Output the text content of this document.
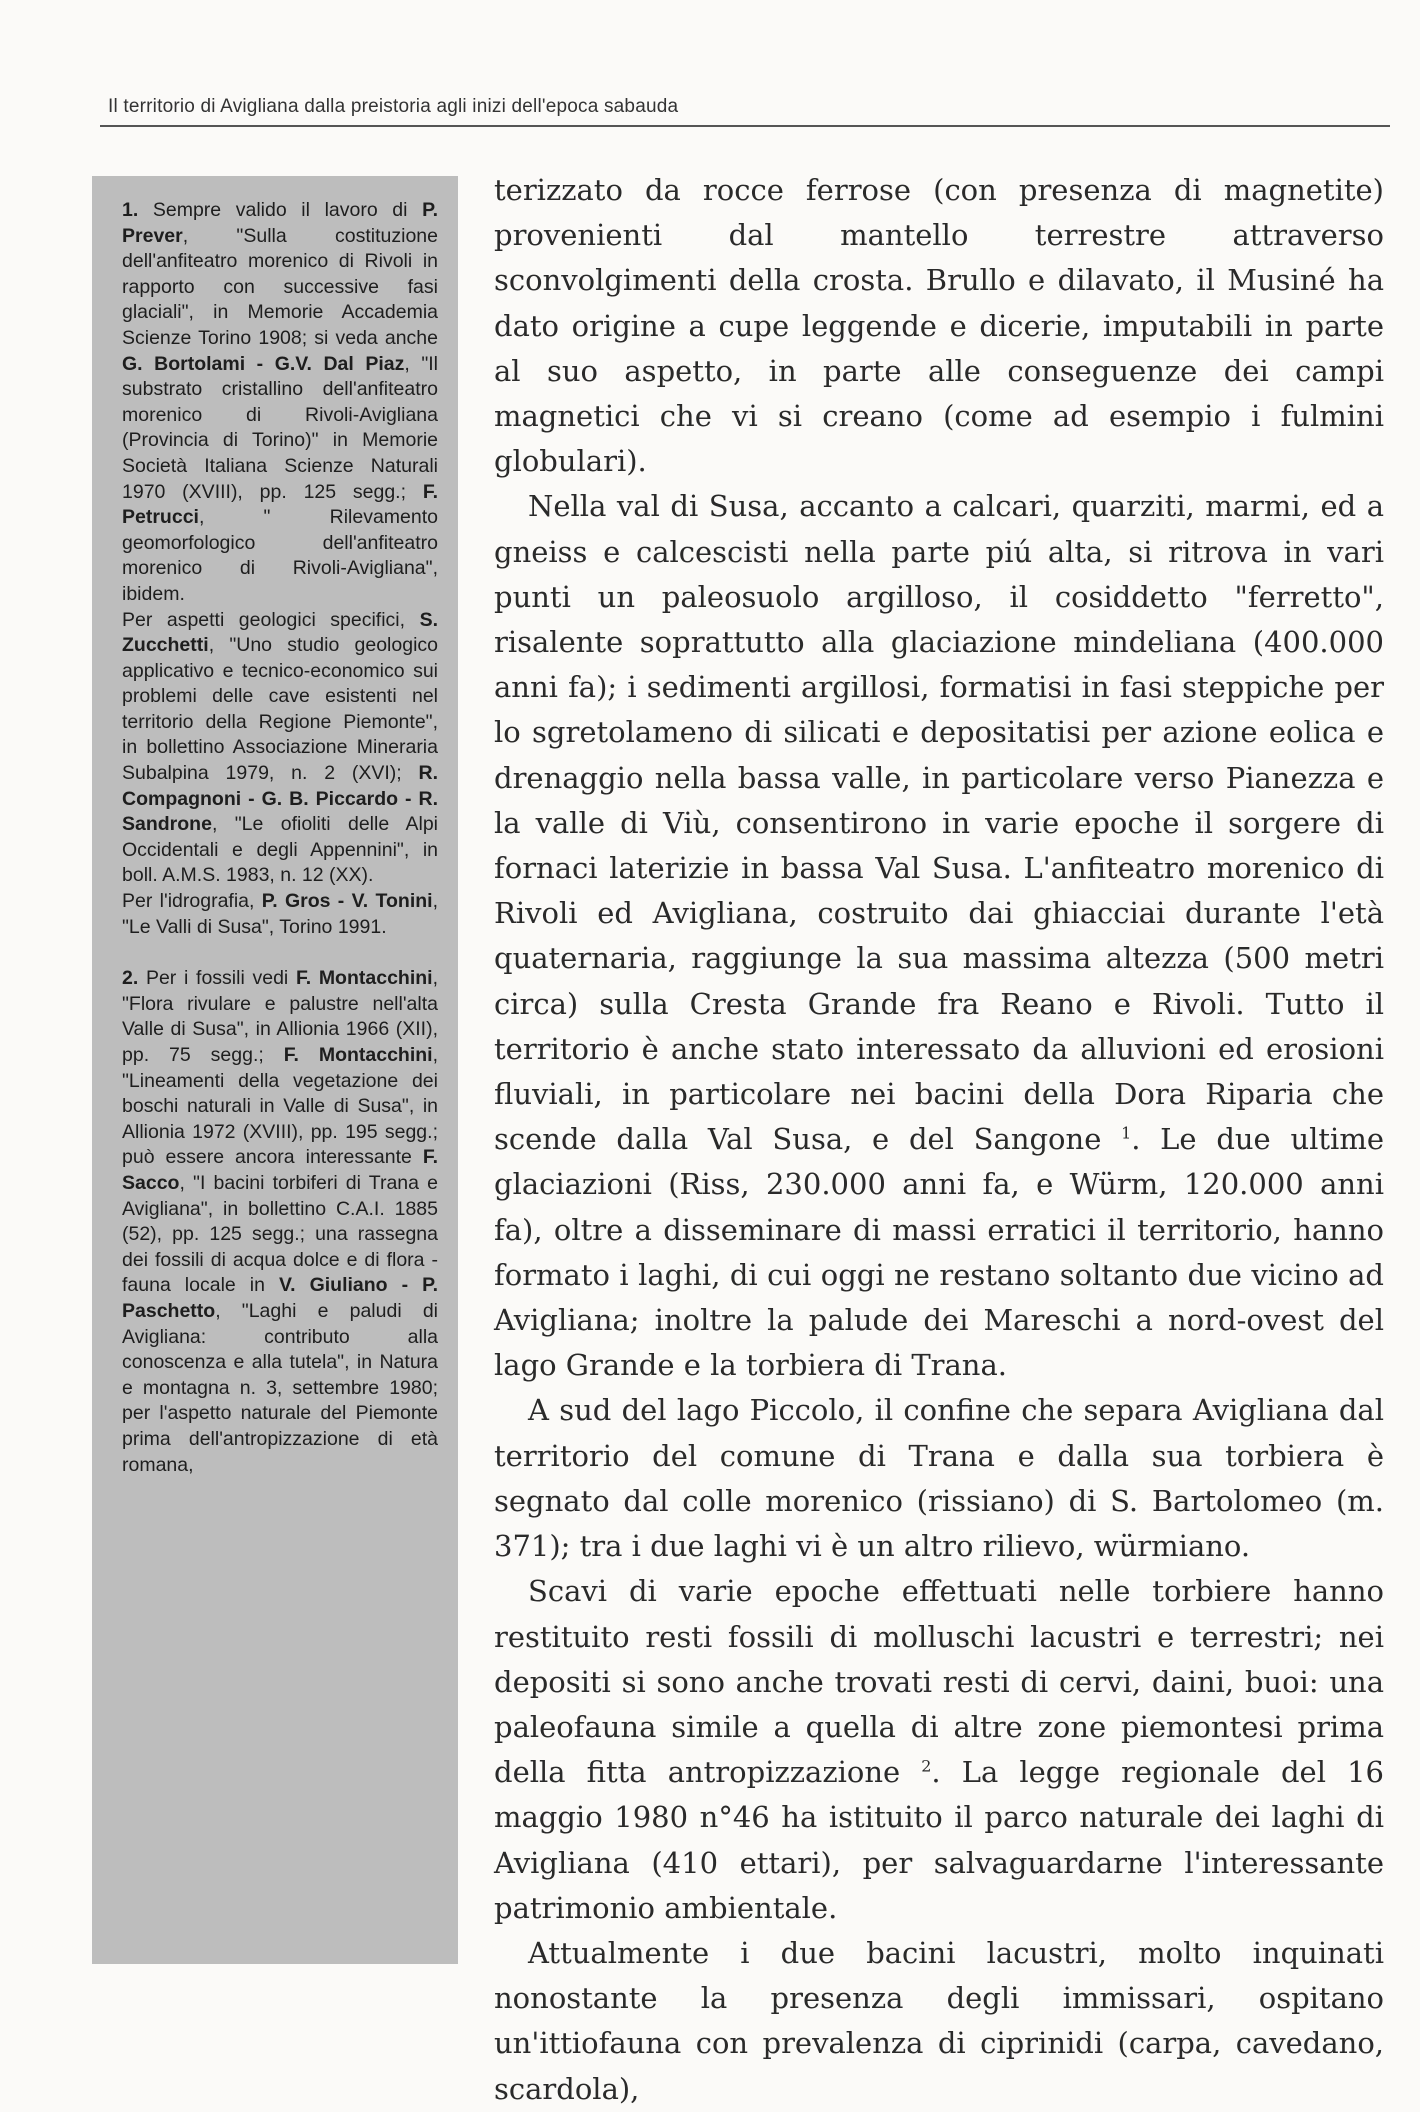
Il territorio di Avigliana dalla preistoria agli inizi dell'epoca sabauda

1. Sempre valido il lavoro di P. Prever, "Sulla costituzione dell'anfiteatro morenico di Rivoli in rapporto con successive fasi glaciali", in Memorie Accademia Scienze Torino 1908; si veda anche G. Bortolami - G.V. Dal Piaz, "Il substrato cristallino dell'anfiteatro morenico di Rivoli-Avigliana (Provincia di Torino)" in Memorie Società Italiana Scienze Naturali 1970 (XVIII), pp. 125 segg.; F. Petrucci, " Rilevamento geomorfologico dell'anfiteatro morenico di Rivoli-Avigliana", ibidem.
Per aspetti geologici specifici, S. Zucchetti, "Uno studio geologico applicativo e tecnico-economico sui problemi delle cave esistenti nel territorio della Regione Piemonte", in bollettino Associazione Mineraria Subalpina 1979, n. 2 (XVI); R. Compagnoni - G. B. Piccardo - R. Sandrone, "Le ofioliti delle Alpi Occidentali e degli Appennini", in boll. A.M.S. 1983, n. 12 (XX).
Per l'idrografia, P. Gros - V. Tonini, "Le Valli di Susa", Torino 1991.

2. Per i fossili vedi F. Montacchini, "Flora rivulare e palustre nell'alta Valle di Susa", in Allionia 1966 (XII), pp. 75 segg.; F. Montacchini, "Lineamenti della vegetazione dei boschi naturali in Valle di Susa", in Allionia 1972 (XVIII), pp. 195 segg.; può essere ancora interessante F. Sacco, "I bacini torbiferi di Trana e Avigliana", in bollettino C.A.I. 1885 (52), pp. 125 segg.; una rassegna dei fossili di acqua dolce e di flora - fauna locale in V. Giuliano - P. Paschetto, "Laghi e paludi di Avigliana: contributo alla conoscenza e alla tutela", in Natura e montagna n. 3, settembre 1980; per l'aspetto naturale del Piemonte prima dell'antropizzazione di età romana,

terizzato da rocce ferrose (con presenza di magnetite) provenienti dal mantello terrestre attraverso sconvolgimenti della crosta. Brullo e dilavato, il Musiné ha dato origine a cupe leggende e dicerie, imputabili in parte al suo aspetto, in parte alle conseguenze dei campi magnetici che vi si creano (come ad esempio i fulmini globulari).

Nella val di Susa, accanto a calcari, quarziti, marmi, ed a gneiss e calcescisti nella parte piú alta, si ritrova in vari punti un paleosuolo argilloso, il cosiddetto "ferretto", risalente soprattutto alla glaciazione mindeliana (400.000 anni fa); i sedimenti argillosi, formatisi in fasi steppiche per lo sgretolameno di silicati e depositatisi per azione eolica e drenaggio nella bassa valle, in particolare verso Pianezza e la valle di Viù, consentirono in varie epoche il sorgere di fornaci laterizie in bassa Val Susa. L'anfiteatro morenico di Rivoli ed Avigliana, costruito dai ghiacciai durante l'età quaternaria, raggiunge la sua massima altezza (500 metri circa) sulla Cresta Grande fra Reano e Rivoli. Tutto il territorio è anche stato interessato da alluvioni ed erosioni fluviali, in particolare nei bacini della Dora Riparia che scende dalla Val Susa, e del Sangone $^1$. Le due ultime glaciazioni (Riss, 230.000 anni fa, e Würm, 120.000 anni fa), oltre a disseminare di massi erratici il territorio, hanno formato i laghi, di cui oggi ne restano soltanto due vicino ad Avigliana; inoltre la palude dei Mareschi a nord-ovest del lago Grande e la torbiera di Trana.

A sud del lago Piccolo, il confine che separa Avigliana dal territorio del comune di Trana e dalla sua torbiera è segnato dal colle morenico (rissiano) di S. Bartolomeo (m. 371); tra i due laghi vi è un altro rilievo, würmiano.

Scavi di varie epoche effettuati nelle torbiere hanno restituito resti fossili di molluschi lacustri e terrestri; nei depositi si sono anche trovati resti di cervi, daini, buoi: una paleofauna simile a quella di altre zone piemontesi prima della fitta antropizzazione $^2$. La legge regionale del 16 maggio 1980 n°46 ha istituito il parco naturale dei laghi di Avigliana (410 ettari), per salvaguardarne l'interessante patrimonio ambientale.

Attualmente i due bacini lacustri, molto inquinati nonostante la presenza degli immissari, ospitano un'ittiofauna con prevalenza di ciprinidi (carpa, cavedano, scardola),
